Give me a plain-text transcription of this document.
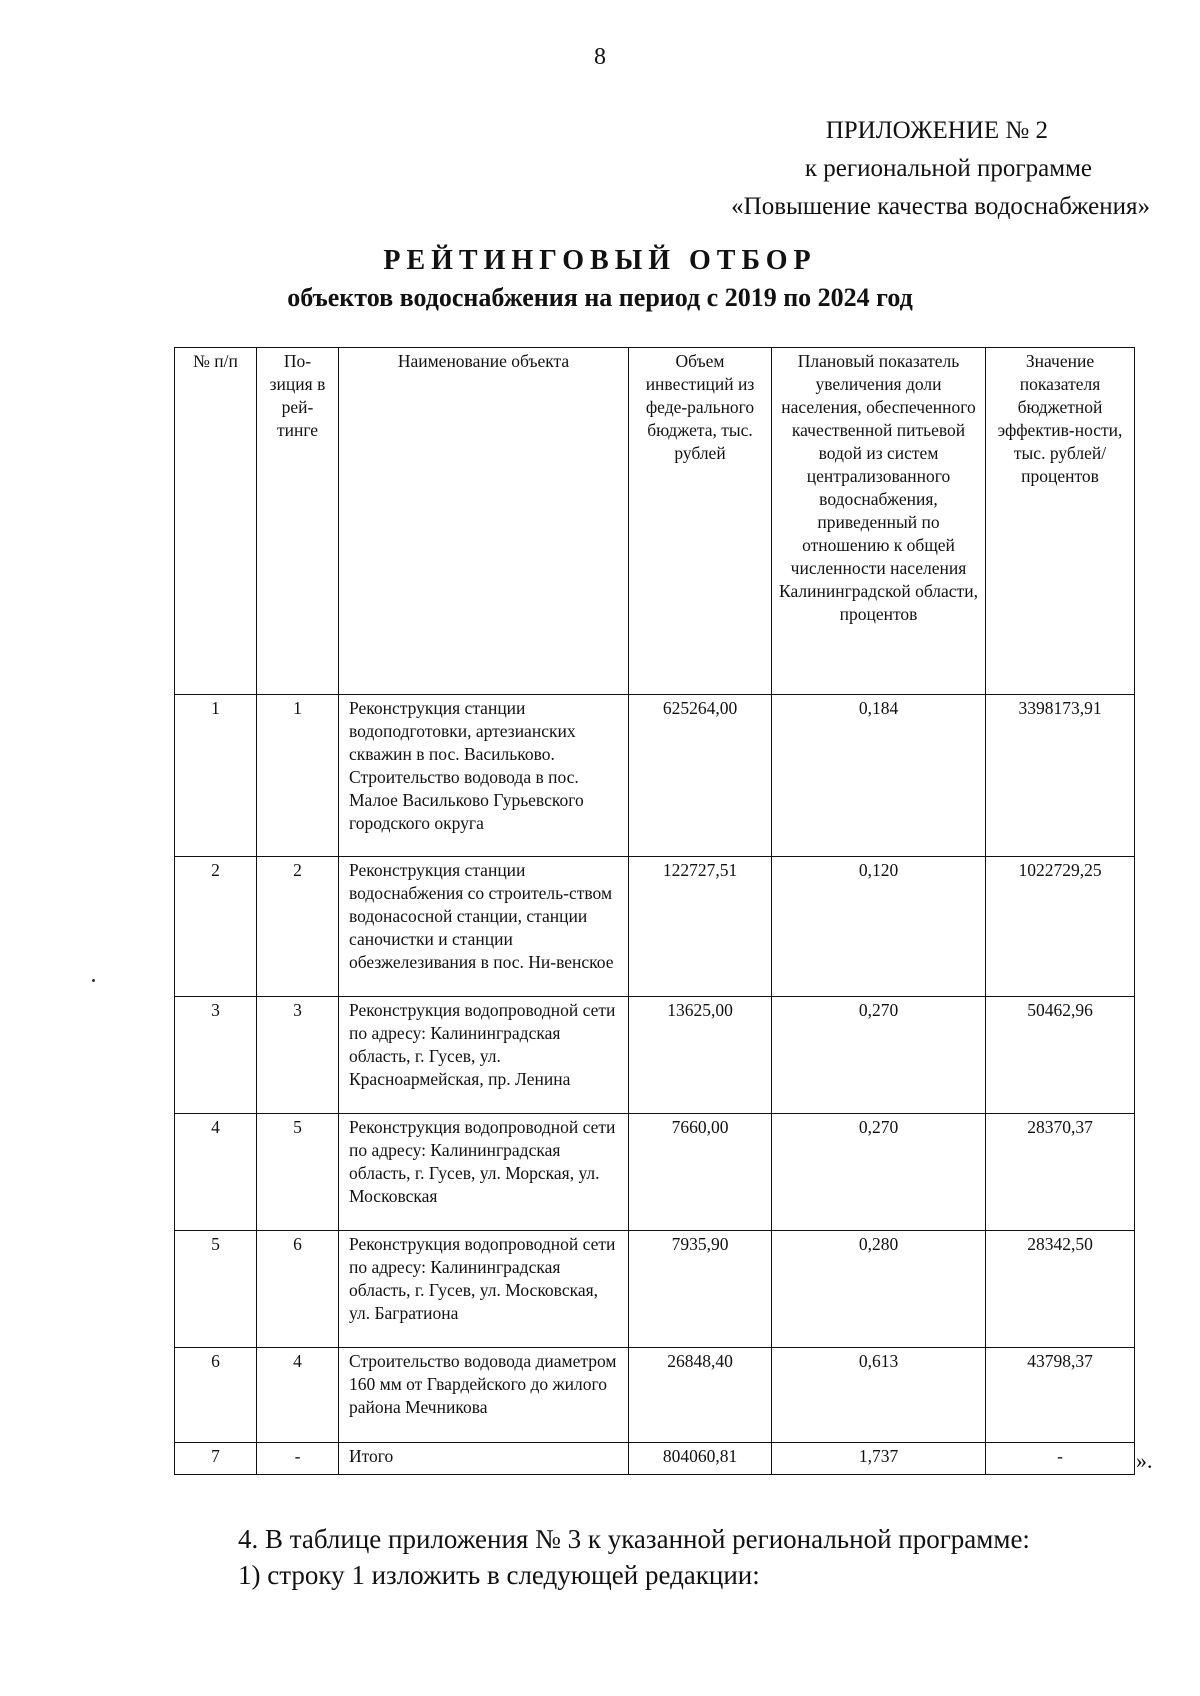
8
ПРИЛОЖЕНИЕ № 2
к региональной программе
«Повышение качества водоснабжения»
РЕЙТИНГОВЫЙ ОТБОР
объектов водоснабжения на период с 2019 по 2024 год
№ п/п	По-зиция в рей-тинге	Наименование объекта	Объем инвестиций из феде-рального бюджета, тыс. рублей	Плановый показатель увеличения доли населения, обеспеченного качественной питьевой водой из систем централизованного водоснабжения, приведенный по отношению к общей численности населения Калининградской области, процентов	Значение показателя бюджетной эффектив-ности, тыс. рублей/ процентов
1	1	Реконструкция станции водоподготовки, артезианских скважин в пос. Васильково. Строительство водовода в пос. Малое Васильково Гурьевского городского округа	625264,00	0,184	3398173,91
2	2	Реконструкция станции водоснабжения со строитель-ством водонасосной станции, станции саночистки и станции обезжелезивания в пос. Ни-венское	122727,51	0,120	1022729,25
3	3	Реконструкция водопроводной сети по адресу: Калининградская область, г. Гусев, ул. Красноармейская, пр. Ленина	13625,00	0,270	50462,96
4	5	Реконструкция водопроводной сети по адресу: Калининградская область, г. Гусев, ул. Морская, ул. Московская	7660,00	0,270	28370,37
5	6	Реконструкция водопроводной сети по адресу: Калининградская область, г. Гусев, ул. Московская, ул. Багратиона	7935,90	0,280	28342,50
6	4	Строительство водовода диаметром 160 мм от Гвардейского до жилого района Мечникова	26848,40	0,613	43798,37
7	-	Итого	804060,81	1,737	-	».
4. В таблице приложения № 3 к указанной региональной программе:
1) строку 1 изложить в следующей редакции:
